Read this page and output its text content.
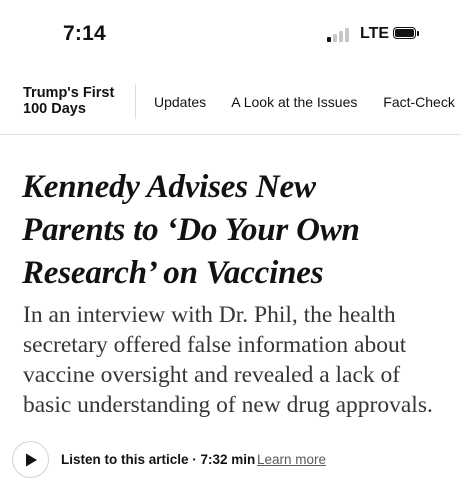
7:14	LTE
Trump's First
100 Days	Updates A Look at the Issues Fact-Check
Kennedy Advises New
Parents to ‘Do Your Own
Research’ on Vaccines

In an interview with Dr. Phil, the health
secretary offered false information about
vaccine oversight and revealed a lack of
basic understanding of new drug approvals.

Listen to this article · 7:32 min Learn more
